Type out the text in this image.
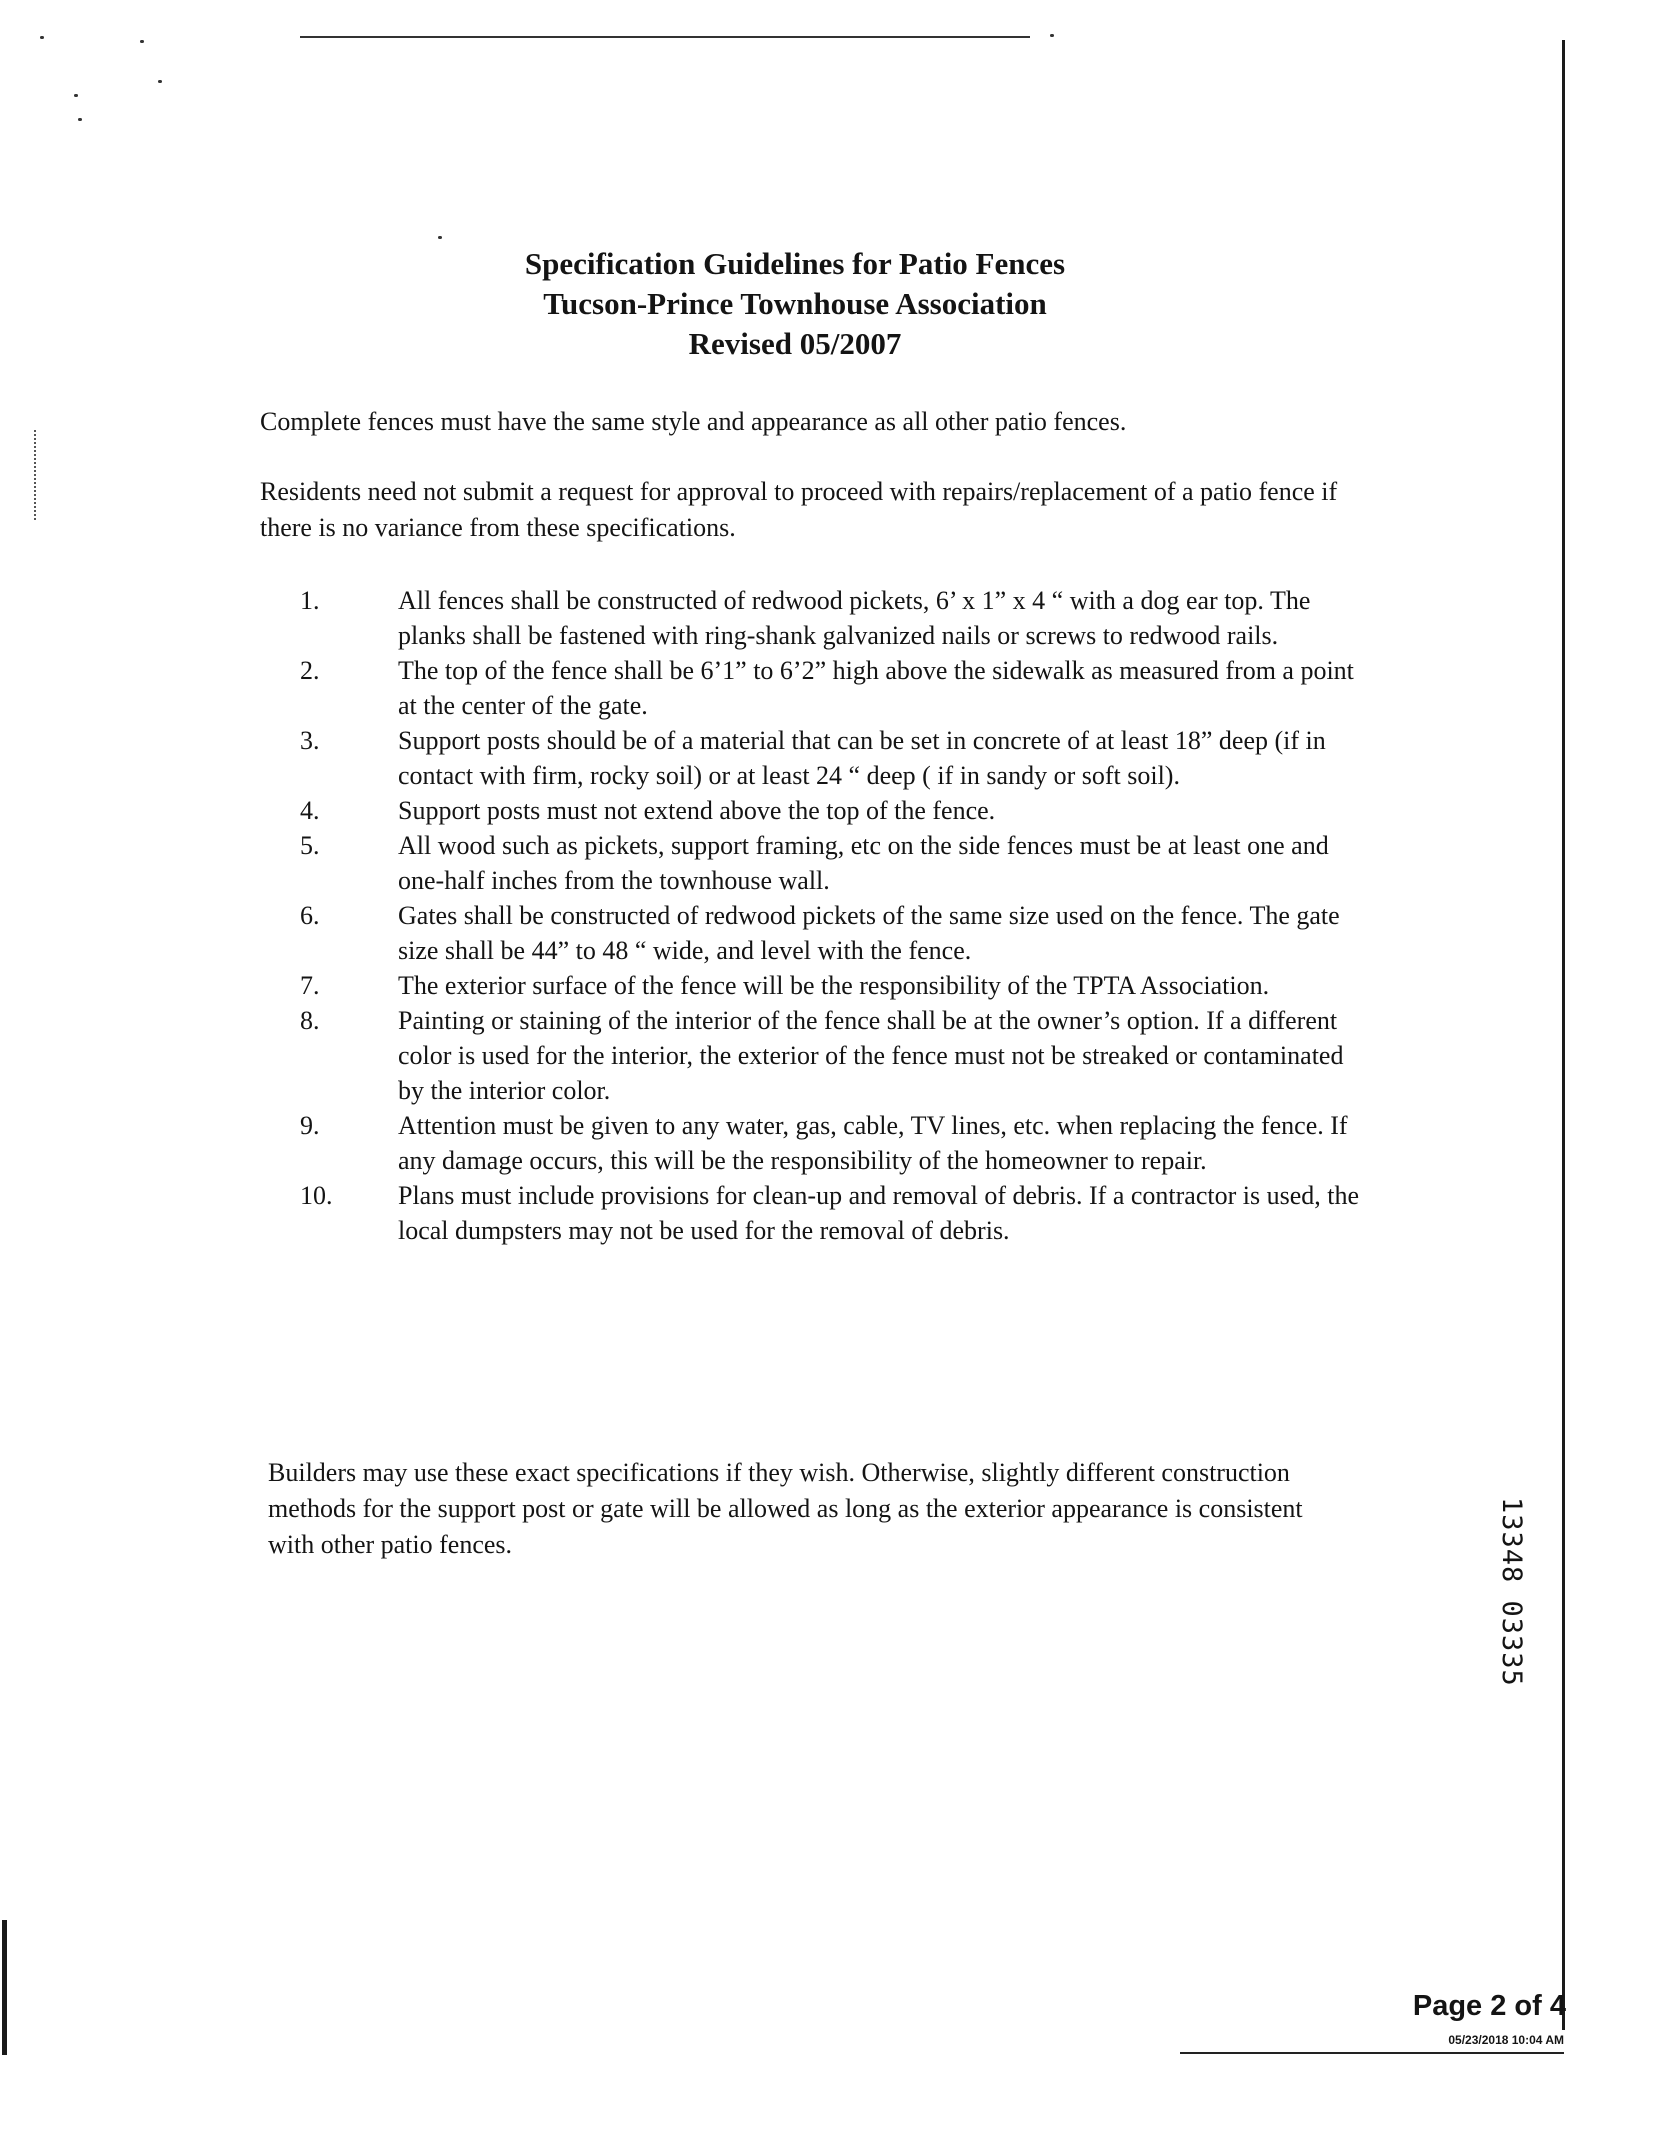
Specification Guidelines for Patio Fences
Tucson-Prince Townhouse Association
Revised 05/2007
Complete fences must have the same style and appearance as all other patio fences.
Residents need not submit a request for approval to proceed with repairs/replacement of a patio fence if there is no variance from these specifications.
1.	All fences shall be constructed of redwood pickets, 6’ x 1” x 4 “ with a dog ear top. The planks shall be fastened with ring-shank galvanized nails or screws to redwood rails.
2.	The top of the fence shall be 6’1” to 6’2” high above the sidewalk as measured from a point at the center of the gate.
3.	Support posts should be of a material that can be set in concrete of at least 18” deep (if in contact with firm, rocky soil) or at least 24 “ deep ( if in sandy or soft soil).
4.	Support posts must not extend above the top of the fence.
5.	All wood such as pickets, support framing, etc on the side fences must be at least one and one-half inches from the townhouse wall.
6.	Gates shall be constructed of redwood pickets of the same size used on the fence. The gate size shall be 44” to 48 “ wide, and level with the fence.
7.	The exterior surface of the fence will be the responsibility of the TPTA Association.
8.	Painting or staining of the interior of the fence shall be at the owner’s option. If a different color is used for the interior, the exterior of the fence must not be streaked or contaminated by the interior color.
9.	Attention must be given to any water, gas, cable, TV lines, etc. when replacing the fence. If any damage occurs, this will be the responsibility of the homeowner to repair.
10.	Plans must include provisions for clean-up and removal of debris. If a contractor is used, the local dumpsters may not be used for the removal of debris.
Builders may use these exact specifications if they wish. Otherwise, slightly different construction methods for the support post or gate will be allowed as long as the exterior appearance is consistent with other patio fences.	13348 03335
Page 2 of 4
05/23/2018 10:04 AM
